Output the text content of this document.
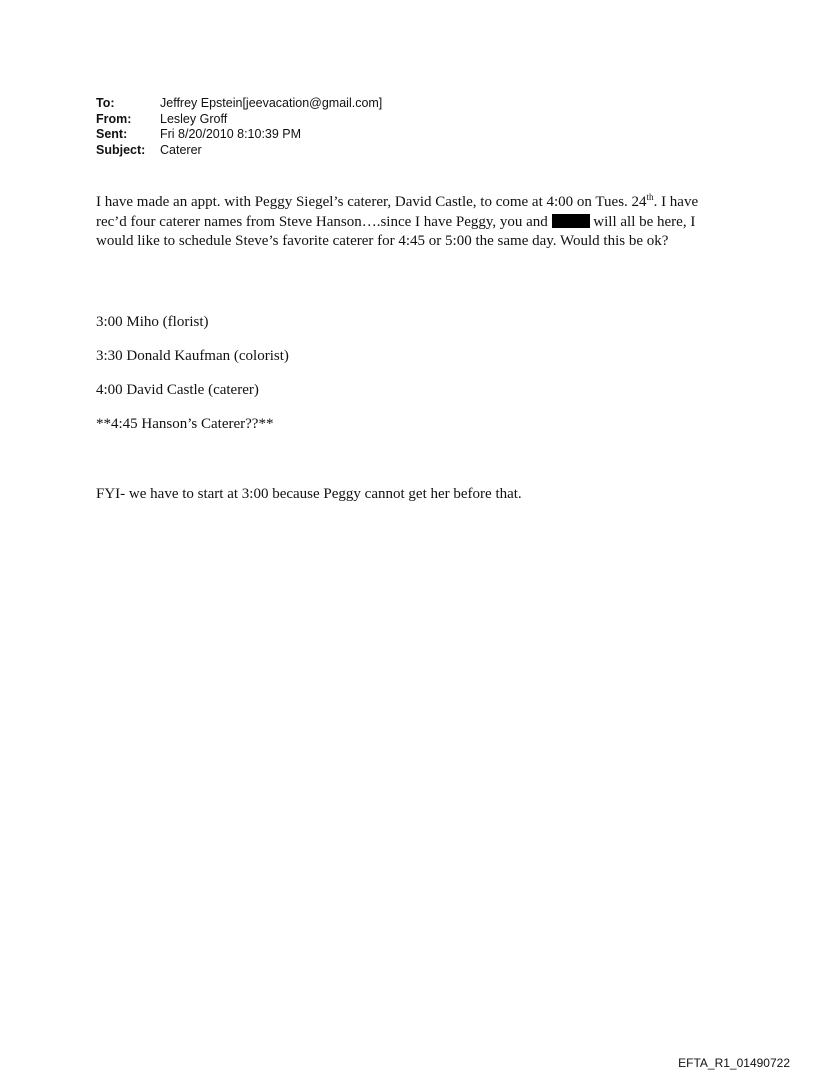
To:	Jeffrey Epstein[jeevacation@gmail.com]
From:	Lesley Groff
Sent:	Fri 8/20/2010 8:10:39 PM
Subject:	Caterer

I have made an appt. with Peggy Siegel’s caterer, David Castle, to come at 4:00 on Tues. 24th. I have rec’d four caterer names from Steve Hanson….since I have Peggy, you and	will all be here, I would like to schedule Steve’s favorite caterer for 4:45 or 5:00 the same day. Would this be ok?

3:00 Miho (florist)
3:30 Donald Kaufman (colorist)
4:00 David Castle (caterer)
**4:45 Hanson’s Caterer??**
FYI- we have to start at 3:00 because Peggy cannot get her before that.
EFTA_R1_01490722
